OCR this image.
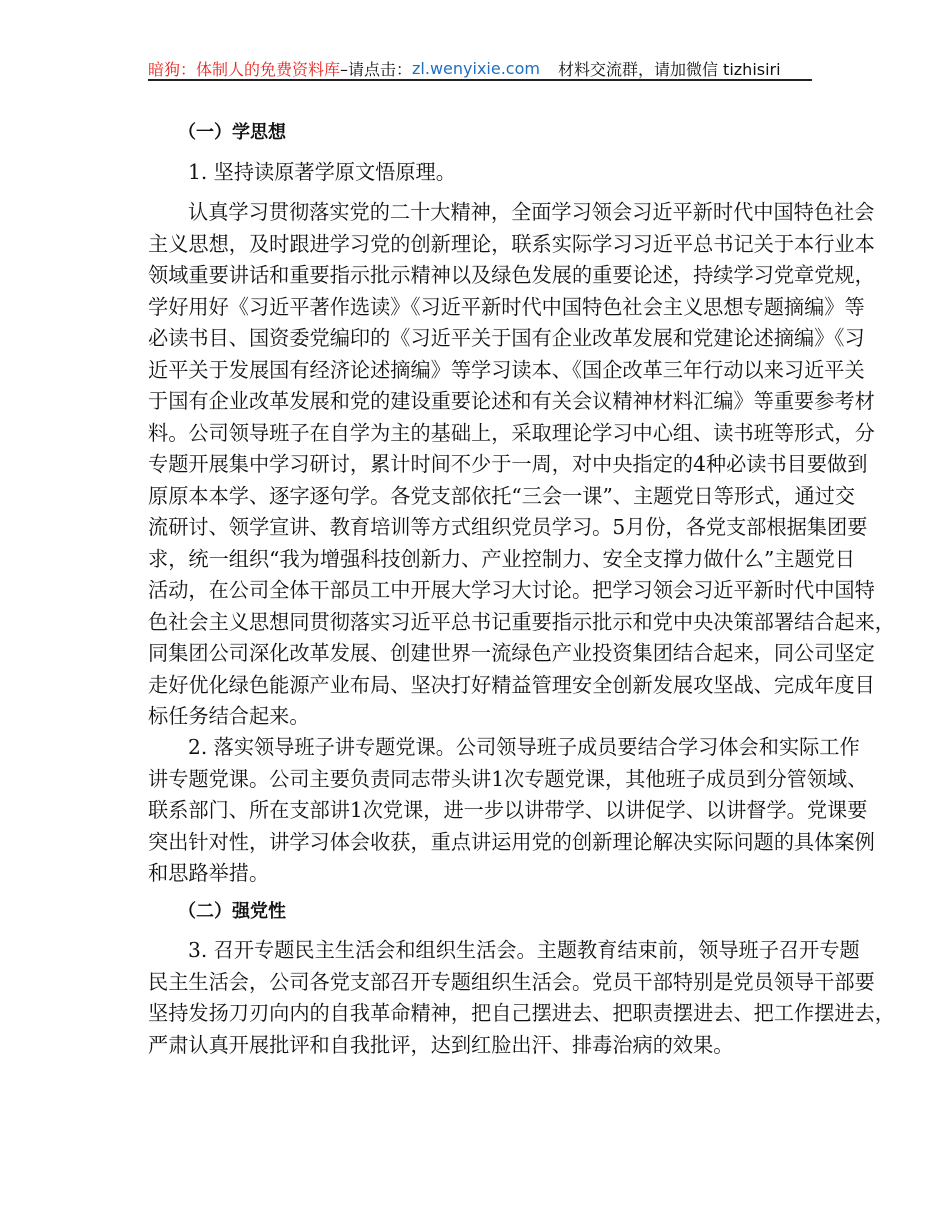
暗狗：体制人的免费资料库 –请点击： zl.wenyixie.com 材料交流群，请加微信 tizhisiri
（一）学思想
1. 坚持读原著学原文悟原理。
认真学习贯彻落实党的二十大精神，全面学习领会习近平新时代中国特色社会
主义思想，及时跟进学习党的创新理论，联系实际学习习近平总书记关于本行业本
领域重要讲话和重要指示批示精神以及绿色发展的重要论述，持续学习党章党规，
学好用好《习近平著作选读》《习近平新时代中国特色社会主义思想专题摘编》等
必读书目、国资委党编印的《习近平关于国有企业改革发展和党建论述摘编》《习
近平关于发展国有经济论述摘编》等学习读本、《国企改革三年行动以来习近平关
于国有企业改革发展和党的建设重要论述和有关会议精神材料汇编》等重要参考材
料。公司领导班子在自学为主的基础上，采取理论学习中心组、读书班等形式，分
专题开展集中学习研讨，累计时间不少于一周，对中央指定的4种必读书目要做到
原原本本学、逐字逐句学。各党支部依托“三会一课”、主题党日等形式，通过交
流研讨、领学宣讲、教育培训等方式组织党员学习。5月份，各党支部根据集团要
求，统一组织“我为增强科技创新力、产业控制力、安全支撑力做什么”主题党日
活动，在公司全体干部员工中开展大学习大讨论。把学习领会习近平新时代中国特
色社会主义思想同贯彻落实习近平总书记重要指示批示和党中央决策部署结合起来，
同集团公司深化改革发展、创建世界一流绿色产业投资集团结合起来，同公司坚定
走好优化绿色能源产业布局、坚决打好精益管理安全创新发展攻坚战、完成年度目
标任务结合起来。
2. 落实领导班子讲专题党课。公司领导班子成员要结合学习体会和实际工作
讲专题党课。公司主要负责同志带头讲1次专题党课，其他班子成员到分管领域、
联系部门、所在支部讲1次党课，进一步以讲带学、以讲促学、以讲督学。党课要
突出针对性，讲学习体会收获，重点讲运用党的创新理论解决实际问题的具体案例
和思路举措。
（二）强党性
3. 召开专题民主生活会和组织生活会。主题教育结束前，领导班子召开专题
民主生活会，公司各党支部召开专题组织生活会。党员干部特别是党员领导干部要
坚持发扬刀刃向内的自我革命精神，把自己摆进去、把职责摆进去、把工作摆进去，
严肃认真开展批评和自我批评，达到红脸出汗、排毒治病的效果。
